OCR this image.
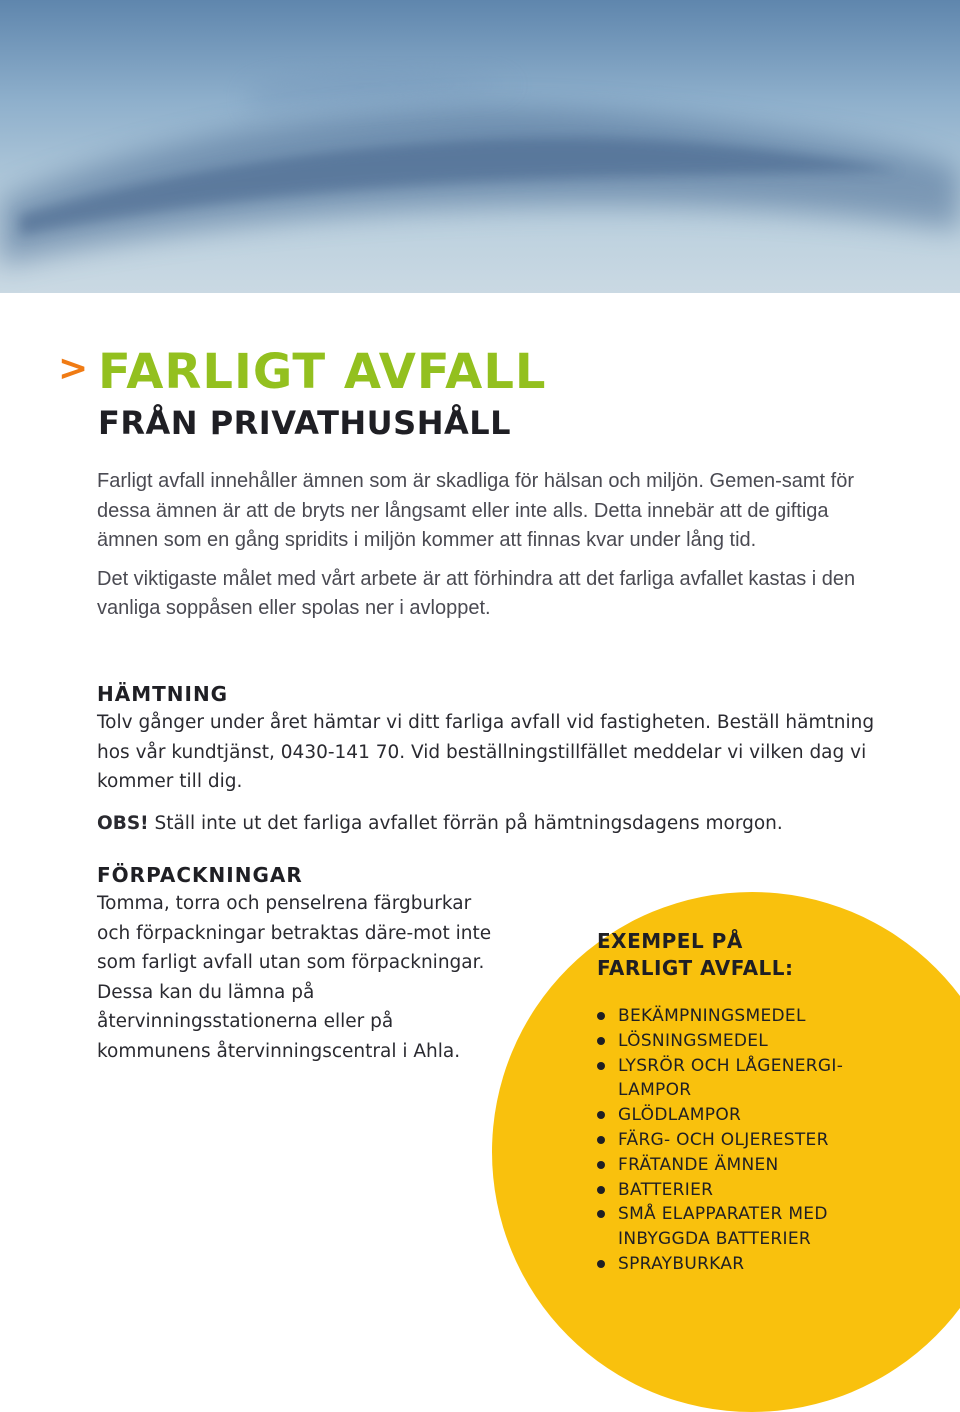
> FARLIGT AVFALL
FRÅN PRIVATHUSHÅLL

Farligt avfall innehåller ämnen som är skadliga för hälsan och miljön. Gemen-samt för dessa ämnen är att de bryts ner långsamt eller inte alls. Detta innebär att de giftiga ämnen som en gång spridits i miljön kommer att finnas kvar under lång tid.

Det viktigaste målet med vårt arbete är att förhindra att det farliga avfallet kastas i den vanliga soppåsen eller spolas ner i avloppet.

HÄMTNING

Tolv gånger under året hämtar vi ditt farliga avfall vid fastigheten. Beställ hämtning hos vår kundtjänst, 0430-141 70. Vid beställningstillfället meddelar vi vilken dag vi kommer till dig.

OBS! Ställ inte ut det farliga avfallet förrän på hämtningsdagens morgon.

FÖRPACKNINGAR

Tomma, torra och penselrena färgburkar och förpackningar betraktas däre-mot inte som farligt avfall utan som förpackningar. Dessa kan du lämna på återvinningsstationerna eller på kommunens återvinningscentral i Ahla.

EXEMPEL PÅ
FARLIGT AVFALL:
BEKÄMPNINGSMEDEL
LÖSNINGSMEDEL
LYSRÖR OCH LÅGENERGI-LAMPOR
GLÖDLAMPOR
FÄRG- OCH OLJERESTER
FRÄTANDE ÄMNEN
BATTERIER
SMÅ ELAPPARATER MED INBYGGDA BATTERIER
SPRAYBURKAR
